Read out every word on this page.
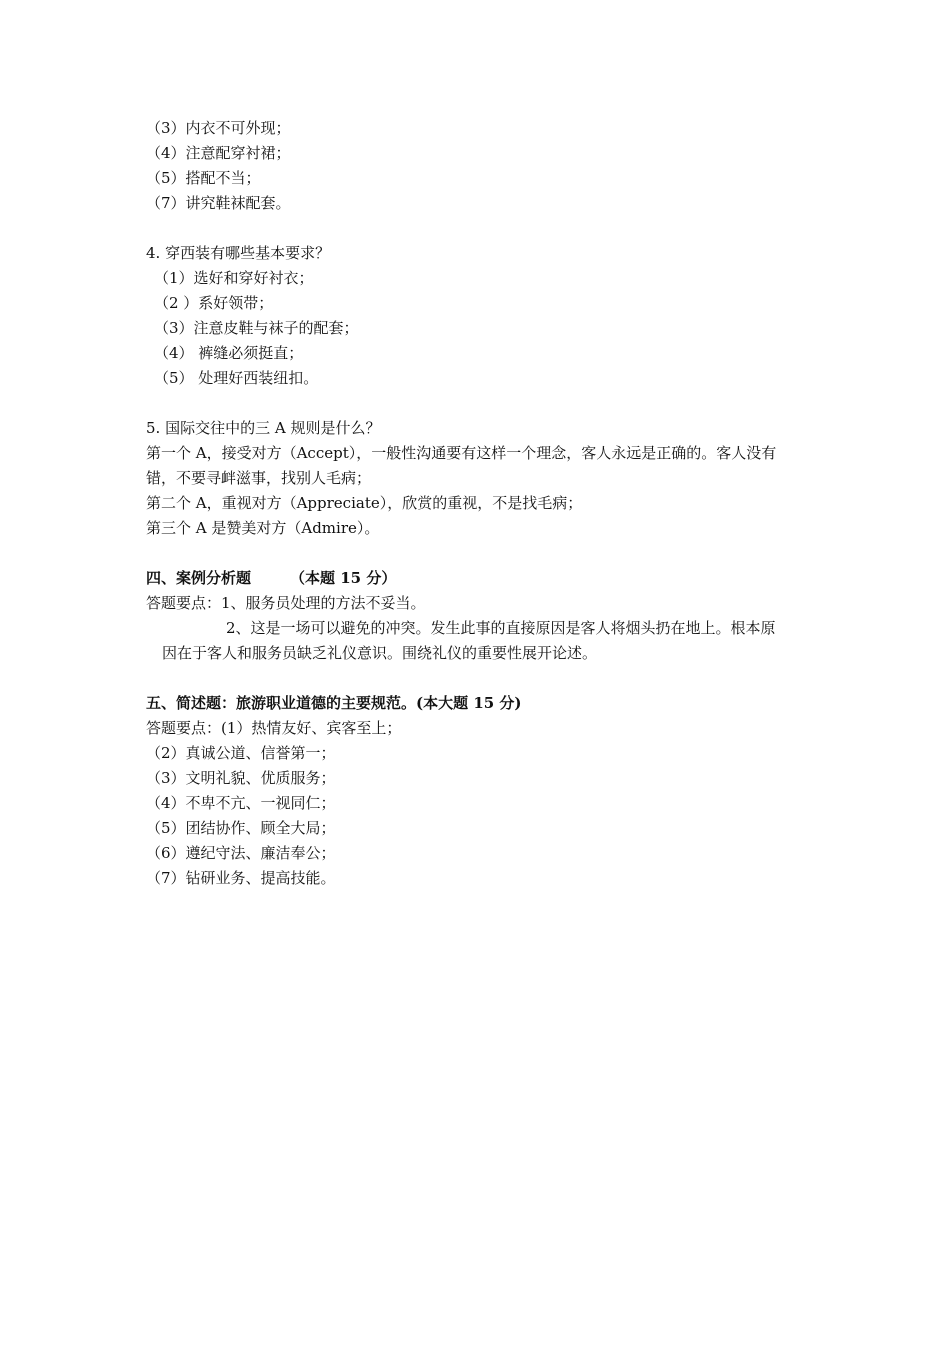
（3）内衣不可外现；
（4）注意配穿衬裙；
（5）搭配不当；
（7）讲究鞋袜配套。
4. 穿西装有哪些基本要求？
（1）选好和穿好衬衣；
（2 ）系好领带；
（3）注意皮鞋与袜子的配套；
（4） 裤缝必须挺直；
（5） 处理好西装纽扣。
5. 国际交往中的三 A 规则是什么？
第一个 A，接受对方（Accept），一般性沟通要有这样一个理念，客人永远是正确的。客人没有
错，不要寻衅滋事，找别人毛病；
第二个 A，重视对方（Appreciate），欣赏的重视，不是找毛病；
第三个 A 是赞美对方（Admire）。
四、案例分析题	（本题 15 分）
答题要点：1、服务员处理的方法不妥当。
2、这是一场可以避免的冲突。发生此事的直接原因是客人将烟头扔在地上。根本原
因在于客人和服务员缺乏礼仪意识。围绕礼仪的重要性展开论述。
五、简述题：旅游职业道德的主要规范。(本大题 15 分)
答题要点：(1）热情友好、宾客至上；
（2）真诚公道、信誉第一；
（3）文明礼貌、优质服务；
（4）不卑不亢、一视同仁；
（5）团结协作、顾全大局；
（6）遵纪守法、廉洁奉公；
（7）钻研业务、提高技能。
